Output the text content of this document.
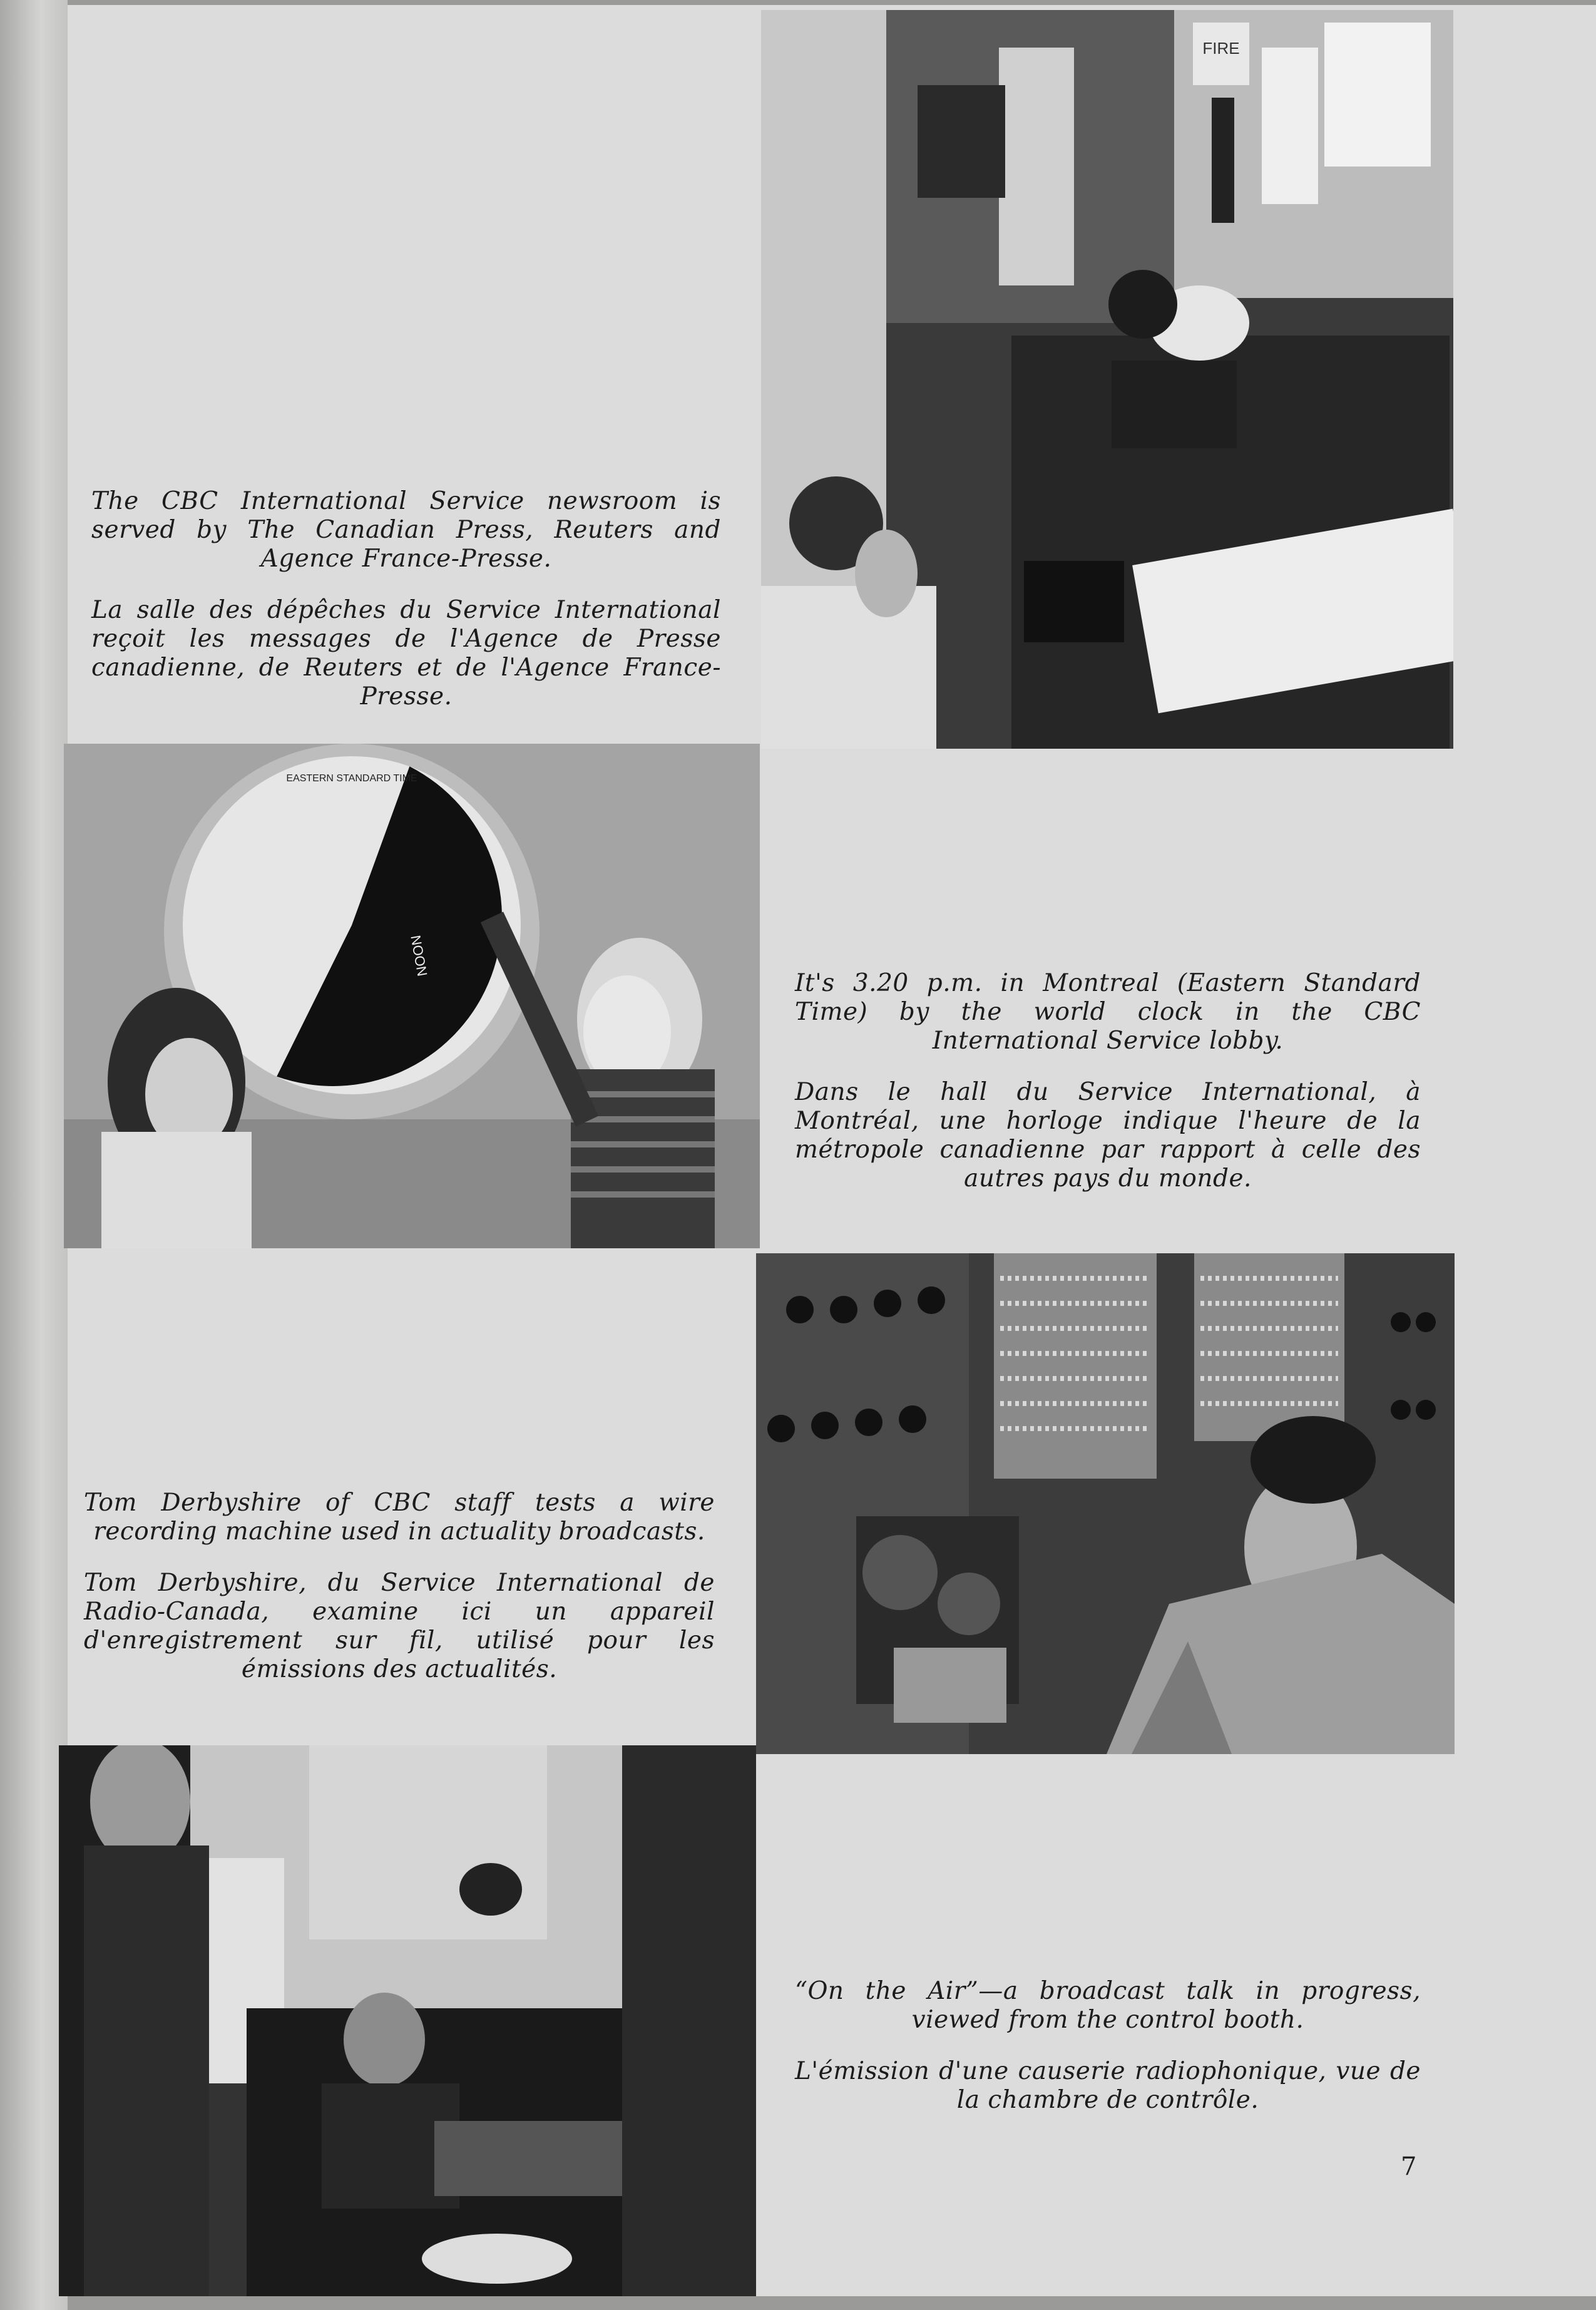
The CBC International Service newsroom is served by The Canadian Press, Reuters and Agence France-Presse.

La salle des dépêches du Service International reçoit les messages de l'Agence de Presse canadienne, de Reuters et de l'Agence France-Presse.

FIRE
EASTERN STANDARD TIME
NOON

It's 3.20 p.m. in Montreal (Eastern Standard Time) by the world clock in the CBC International Service lobby.

Dans le hall du Service International, à Montréal, une horloge indique l'heure de la métropole canadienne par rapport à celle des autres pays du monde.

Tom Derbyshire of CBC staff tests a wire recording machine used in actuality broadcasts.

Tom Derbyshire, du Service International de Radio-Canada, examine ici un appareil d'enregistrement sur fil, utilisé pour les émissions des actualités.

“On the Air”—a broadcast talk in progress, viewed from the control booth.

L'émission d'une causerie radiophonique, vue de la chambre de contrôle.

7
